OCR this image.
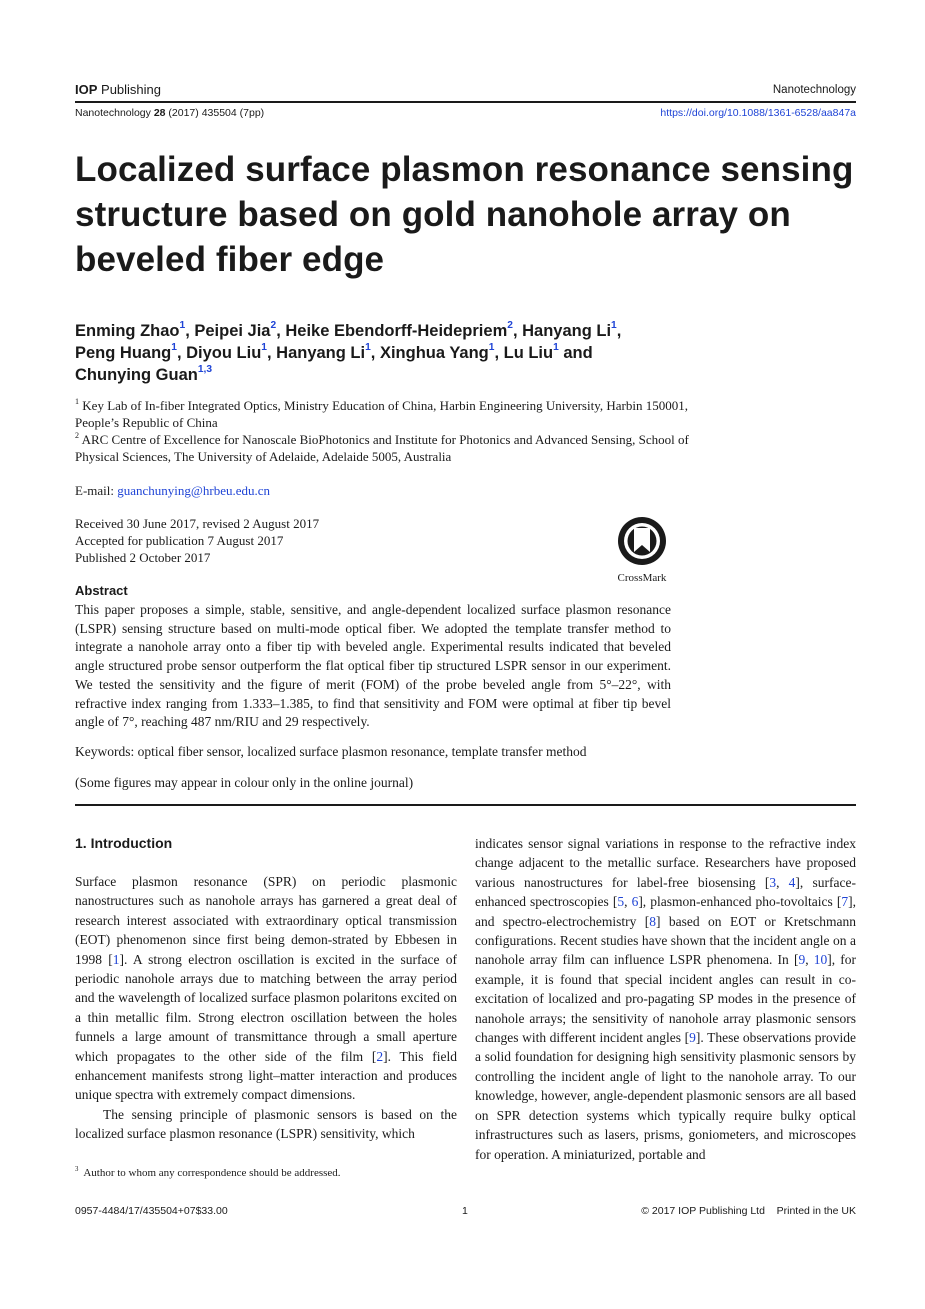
IOP Publishing	Nanotechnology
Nanotechnology 28 (2017) 435504 (7pp)	https://doi.org/10.1088/1361-6528/aa847a
Localized surface plasmon resonance sensing structure based on gold nanohole array on beveled fiber edge
Enming Zhao$^1$, Peipei Jia$^2$, Heike Ebendorff-Heidepriem$^2$, Hanyang Li$^1$,
Peng Huang$^1$, Diyou Liu$^1$, Hanyang Li$^1$, Xinghua Yang$^1$, Lu Liu$^1$ and
Chunying Guan$^{1,3}$

$^1$ Key Lab of In-fiber Integrated Optics, Ministry Education of China, Harbin Engineering University, Harbin 150001, People’s Republic of China

$^2$ ARC Centre of Excellence for Nanoscale BioPhotonics and Institute for Photonics and Advanced Sensing, School of Physical Sciences, The University of Adelaide, Adelaide 5005, Australia

E-mail: guanchunying@hrbeu.edu.cn
Received 30 June 2017, revised 2 August 2017
Accepted for publication 7 August 2017
Published 2 October 2017
CrossMark
Abstract
This paper proposes a simple, stable, sensitive, and angle-dependent localized surface plasmon resonance (LSPR) sensing structure based on multi-mode optical fiber. We adopted the template transfer method to integrate a nanohole array onto a fiber tip with beveled angle. Experimental results indicated that beveled angle structured probe sensor outperform the flat optical fiber tip structured LSPR sensor in our experiment. We tested the sensitivity and the figure of merit (FOM) of the probe beveled angle from 5°–22°, with refractive index ranging from 1.333–1.385, to find that sensitivity and FOM were optimal at fiber tip bevel angle of 7°, reaching 487 nm/RIU and 29 respectively.
Keywords: optical fiber sensor, localized surface plasmon resonance, template transfer method
(Some figures may appear in colour only in the online journal)
1. Introduction

Surface plasmon resonance (SPR) on periodic plasmonic nanostructures such as nanohole arrays has garnered a great deal of research interest associated with extraordinary optical transmission (EOT) phenomenon since first being demon-strated by Ebbesen in 1998 [1]. A strong electron oscillation is excited in the surface of periodic nanohole arrays due to matching between the array period and the wavelength of localized surface plasmon polaritons excited on a thin metallic film. Strong electron oscillation between the holes funnels a large amount of transmittance through a small aperture which propagates to the other side of the film [2]. This field enhancement manifests strong light–matter interaction and produces unique spectra with extremely compact dimensions.

The sensing principle of plasmonic sensors is based on the localized surface plasmon resonance (LSPR) sensitivity, which

indicates sensor signal variations in response to the refractive index change adjacent to the metallic surface. Researchers have proposed various nanostructures for label-free biosensing [3, 4], surface-enhanced spectroscopies [5, 6], plasmon-enhanced pho-tovoltaics [7], and spectro-electrochemistry [8] based on EOT or Kretschmann configurations. Recent studies have shown that the incident angle on a nanohole array film can influence LSPR phenomena. In [9, 10], for example, it is found that special incident angles can result in co-excitation of localized and pro-pagating SP modes in the presence of nanohole arrays; the sensitivity of nanohole array plasmonic sensors changes with different incident angles [9]. These observations provide a solid foundation for designing high sensitivity plasmonic sensors by controlling the incident angle of light to the nanohole array. To our knowledge, however, angle-dependent plasmonic sensors are all based on SPR detection systems which typically require bulky optical infrastructures such as lasers, prisms, goniometers, and microscopes for operation. A miniaturized, portable and

$^3$ Author to whom any correspondence should be addressed.
0957-4484/17/435504+07$33.00	1	© 2017 IOP Publishing Ltd    Printed in the UK
